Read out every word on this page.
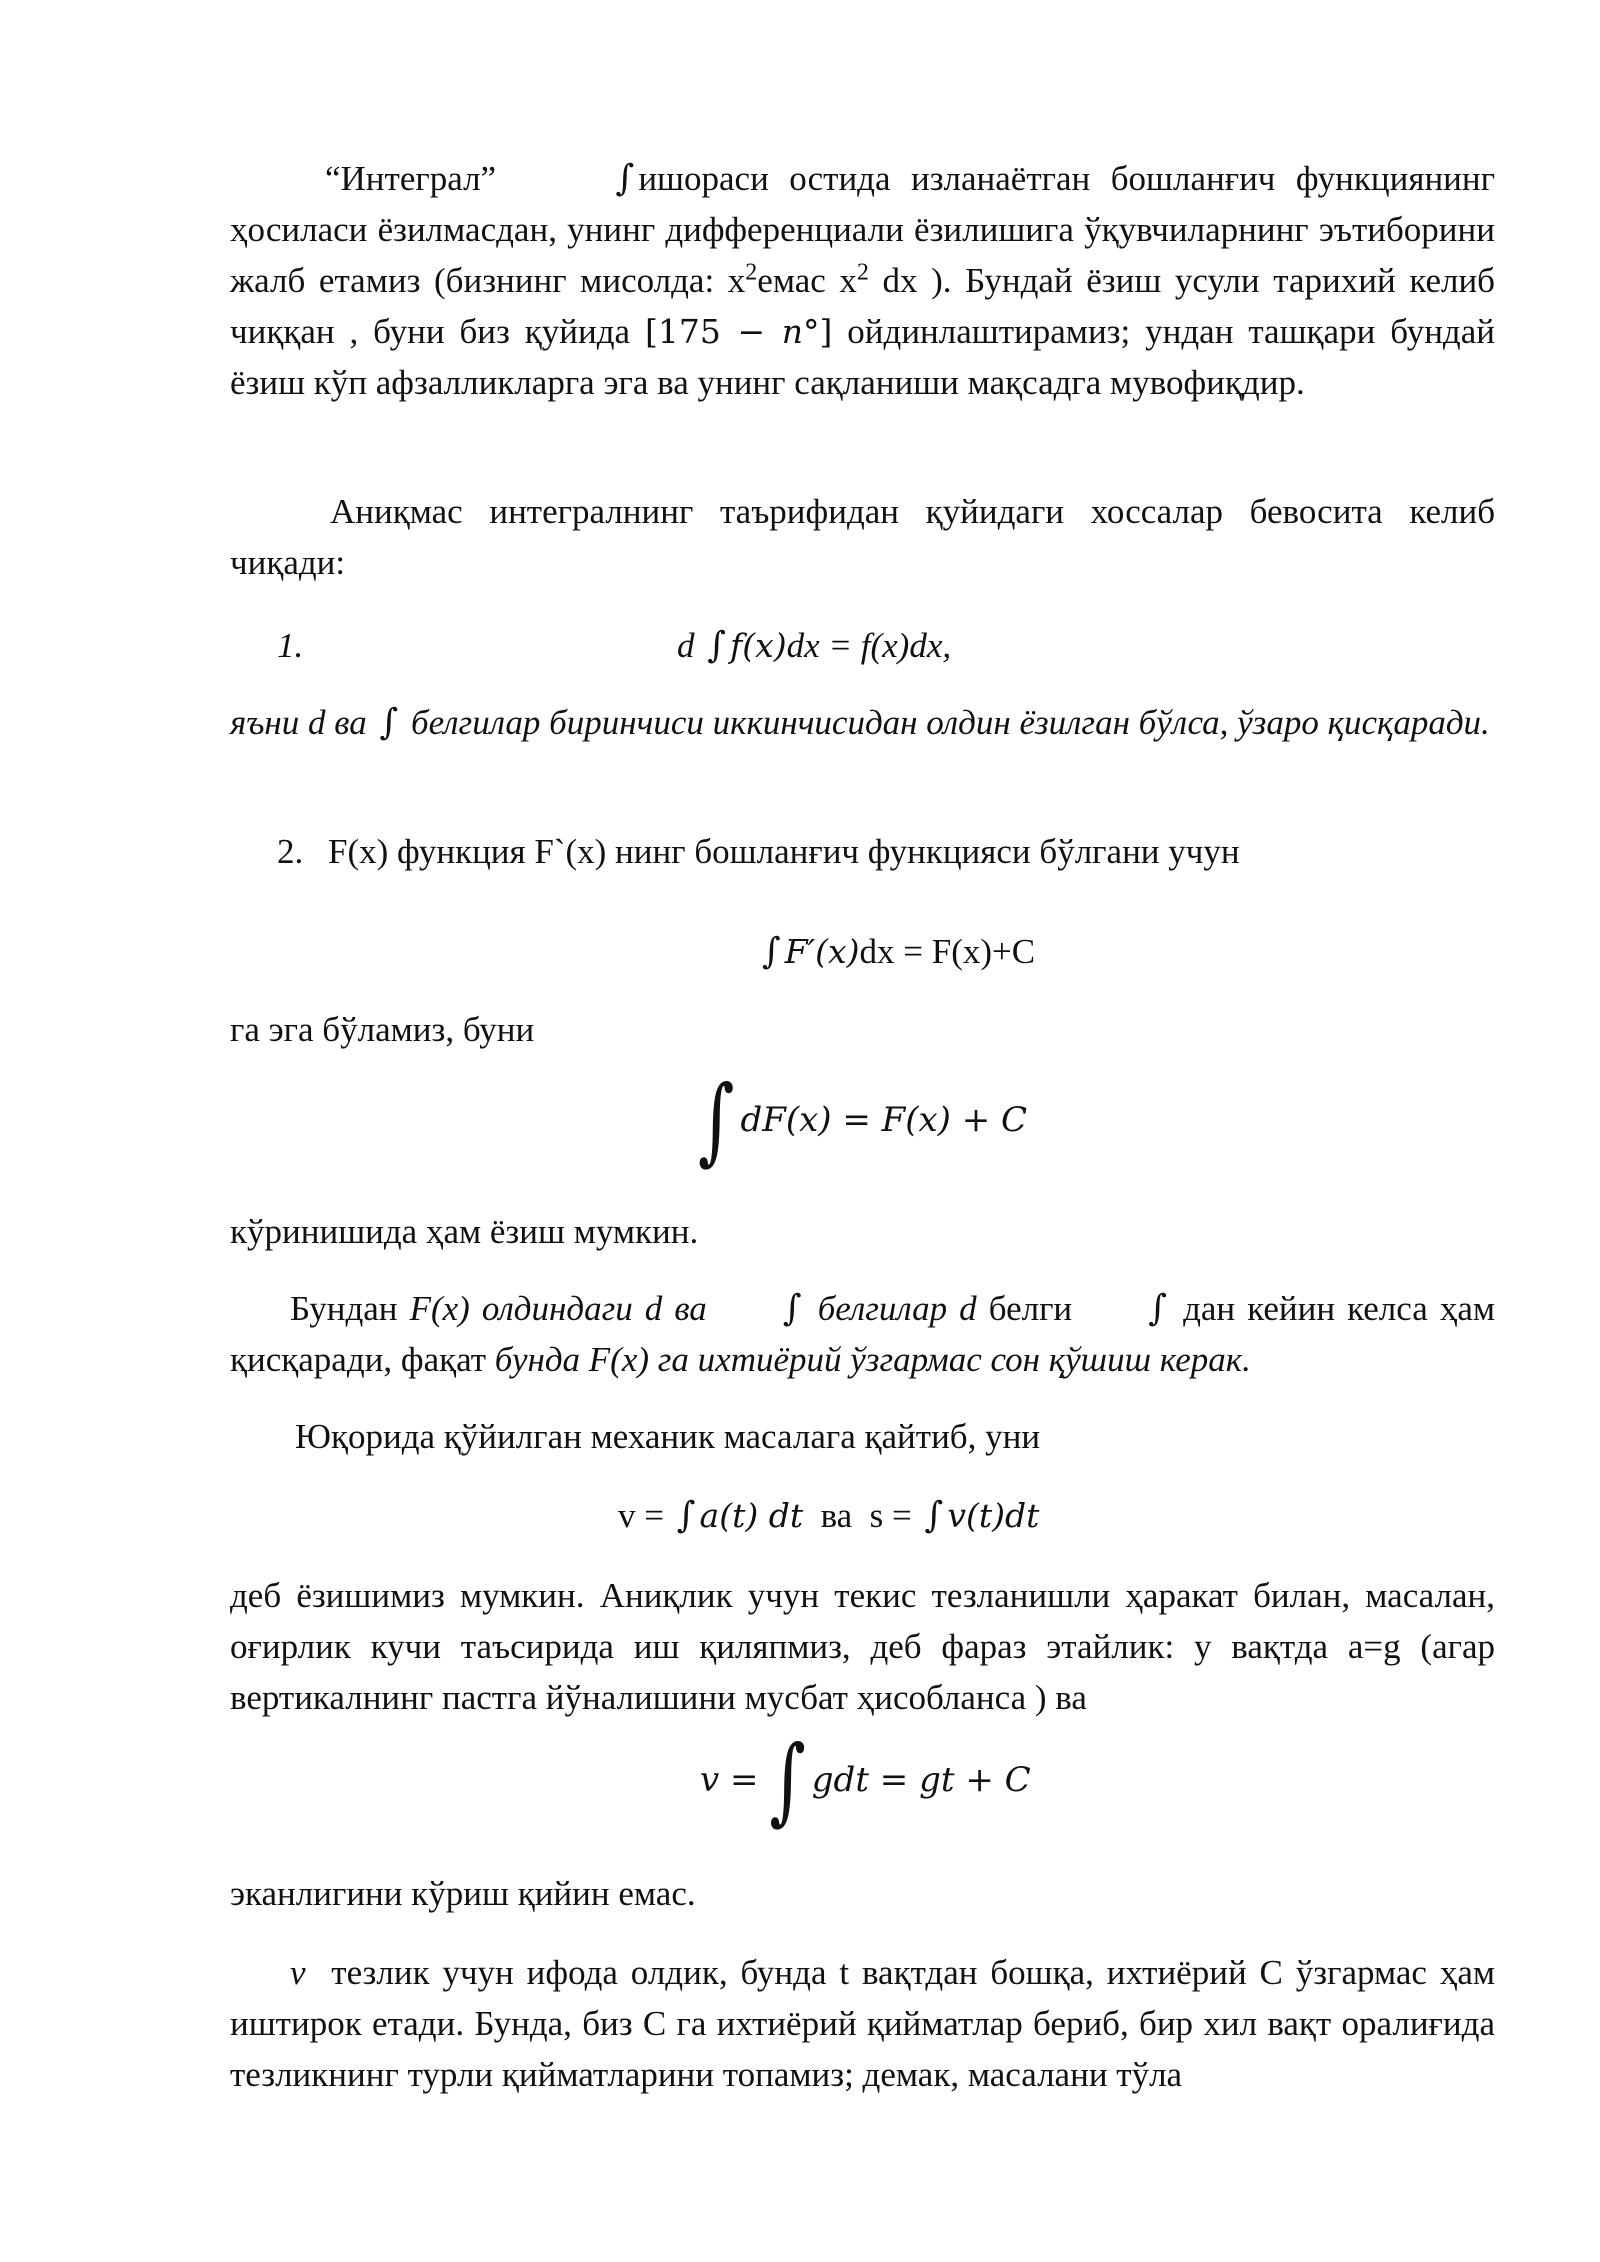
“Интеграл”	∫ ишораси остида изланаётган бошланғич функциянинг ҳосиласи ёзилмасдан, унинг дифференциали ёзилишига ўқувчиларнинг эътиборини жалб етамиз (бизнинг мисолда: $x^2емас$ $x^2$ dx ). Бундай ёзиш усули тарихий келиб чиққан , буни биз қуйида [175 − 𝑛°] ойдинлаштирамиз; ундан ташқари бундай ёзиш кўп афзалликларга эга ва унинг сақланиши мақсадга мувофиқдир.
Аниқмас интегралнинг таърифидан қуйидаги хоссалар бевосита келиб чиқади:
1.	d ∫ 𝑓(𝑥)dx = f(x)dx,
яъни d ва ∫ белгилар биринчиси иккинчисидан олдин ёзилган бўлса, ўзаро қисқаради.
2. F(x) функция F`(x) нинг бошланғич функцияси бўлгани учун
∫ 𝐹′(𝑥)dx = F(x)+C
га эга бўламиз, буни
∫ 𝑑𝐹(𝑥) = 𝐹(𝑥) + 𝐶
кўринишида ҳам ёзиш мумкин.
Бундан F(x) олдиндаги d ва ∫ белгилар d белги ∫ дан кейин келса ҳам қисқаради, фақат бунда F(x) га ихтиёрий ўзгармас сон қўшиш керак.
Юқорида қўйилган механик масалага қайтиб, уни
v = ∫ 𝑎(𝑡) 𝑑𝑡  ва  s = ∫ 𝑣(𝑡)𝑑𝑡
деб ёзишимиз мумкин. Аниқлик учун текис тезланишли ҳаракат билан, масалан, оғирлик кучи таъсирида иш қиляпмиз, деб фараз этайлик: у вақтда a=g (агар вертикалнинг пастга йўналишини мусбат ҳисобланса ) ва
𝑣 = ∫ 𝑔𝑑𝑡 = 𝑔𝑡 + 𝐶
эканлигини кўриш қийин емас.
v  тезлик учун ифода олдик, бунда t вақтдан бошқа, ихтиёрий C ўзгармас ҳам иштирок етади. Бунда, биз C га ихтиёрий қийматлар бериб, бир хил вақт оралиғида тезликнинг турли қийматларини топамиз; демак, масалани тўла
